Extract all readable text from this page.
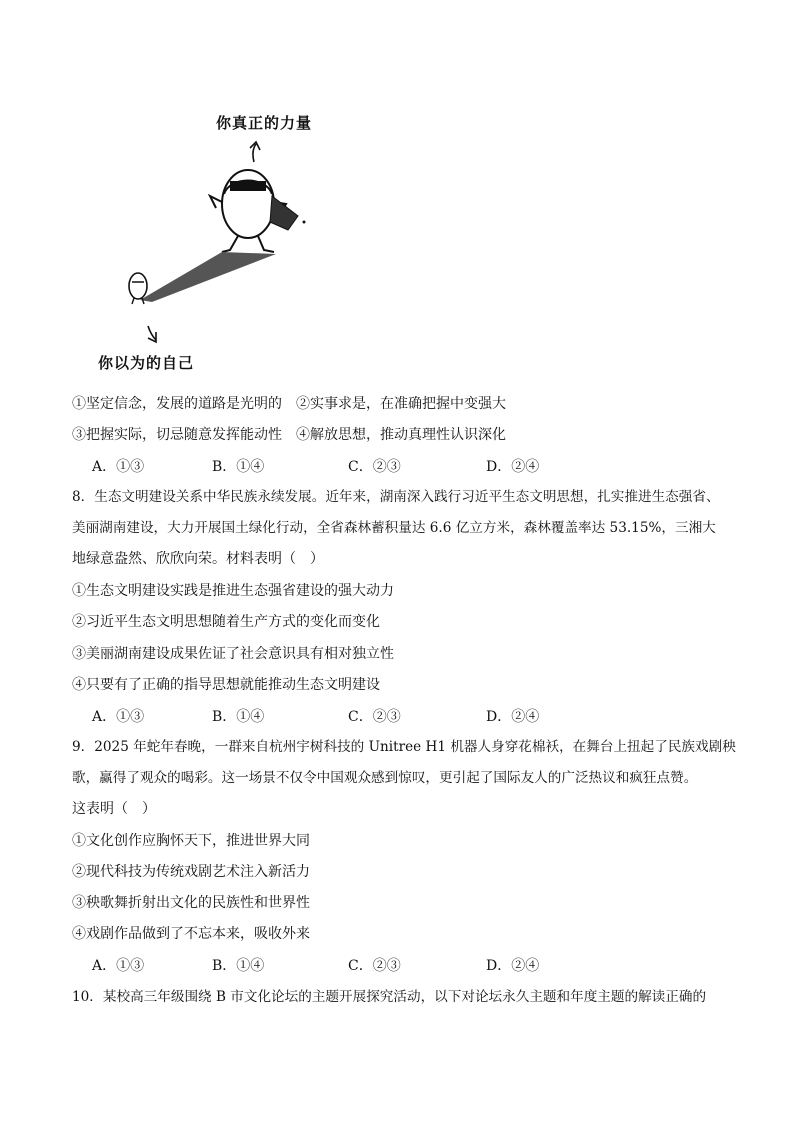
你真正的力量
你以为的自己
①坚定信念，发展的道路是光明的　②实事求是，在准确把握中变强大
③把握实际，切忌随意发挥能动性　④解放思想，推动真理性认识深化
A．①③	B．①④	C．②③	D．②④
8．生态文明建设关系中华民族永续发展。近年来，湖南深入践行习近平生态文明思想，扎实推进生态强省、
美丽湖南建设，大力开展国土绿化行动，全省森林蓄积量达 6.6 亿立方米，森林覆盖率达 53.15%，三湘大
地绿意盎然、欣欣向荣。材料表明（　）
①生态文明建设实践是推进生态强省建设的强大动力
②习近平生态文明思想随着生产方式的变化而变化
③美丽湖南建设成果佐证了社会意识具有相对独立性
④只要有了正确的指导思想就能推动生态文明建设
A．①③	B．①④	C．②③	D．②④
9．2025 年蛇年春晚，一群来自杭州宇树科技的 Unitree H1 机器人身穿花棉袄，在舞台上扭起了民族戏剧秧
歌，赢得了观众的喝彩。这一场景不仅令中国观众感到惊叹，更引起了国际友人的广泛热议和疯狂点赞。
这表明（　）
①文化创作应胸怀天下，推进世界大同
②现代科技为传统戏剧艺术注入新活力
③秧歌舞折射出文化的民族性和世界性
④戏剧作品做到了不忘本来，吸收外来
A．①③	B．①④	C．②③	D．②④
10．某校高三年级围绕 B 市文化论坛的主题开展探究活动，以下对论坛永久主题和年度主题的解读正确的
